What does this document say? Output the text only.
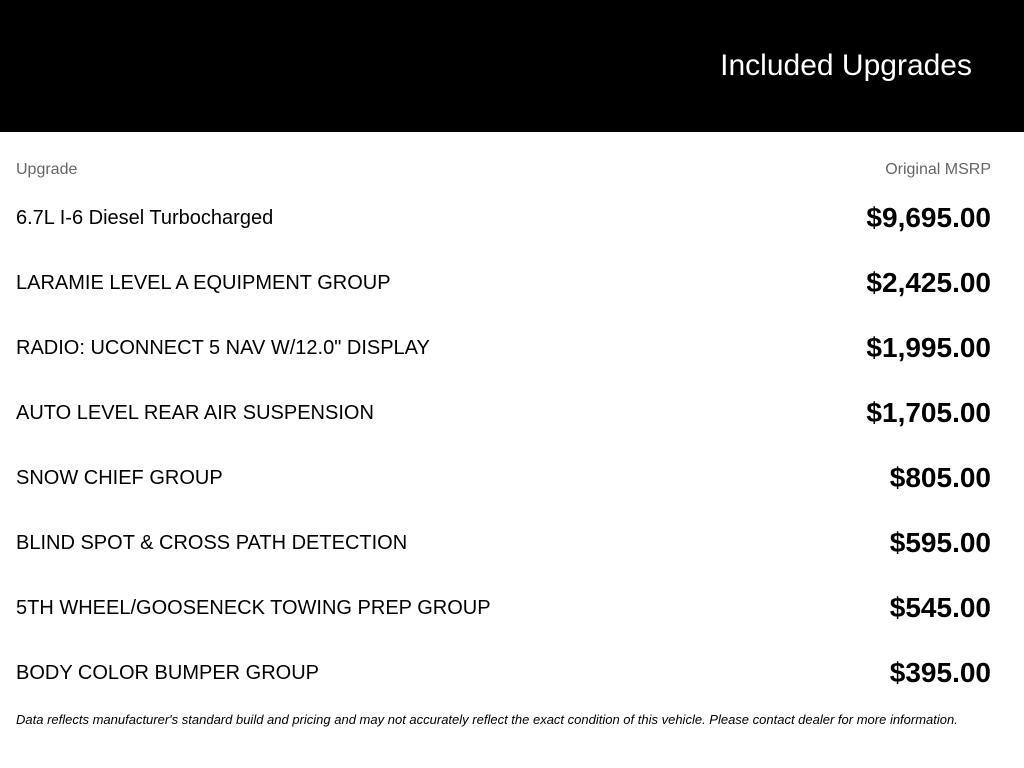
Included Upgrades
Upgrade	Original MSRP
6.7L I-6 Diesel Turbocharged	$9,695.00
LARAMIE LEVEL A EQUIPMENT GROUP	$2,425.00
RADIO: UCONNECT 5 NAV W/12.0" DISPLAY	$1,995.00
AUTO LEVEL REAR AIR SUSPENSION	$1,705.00
SNOW CHIEF GROUP	$805.00
BLIND SPOT & CROSS PATH DETECTION	$595.00
5TH WHEEL/GOOSENECK TOWING PREP GROUP	$545.00
BODY COLOR BUMPER GROUP	$395.00
Data reflects manufacturer's standard build and pricing and may not accurately reflect the exact condition of this vehicle. Please contact dealer for more information.
